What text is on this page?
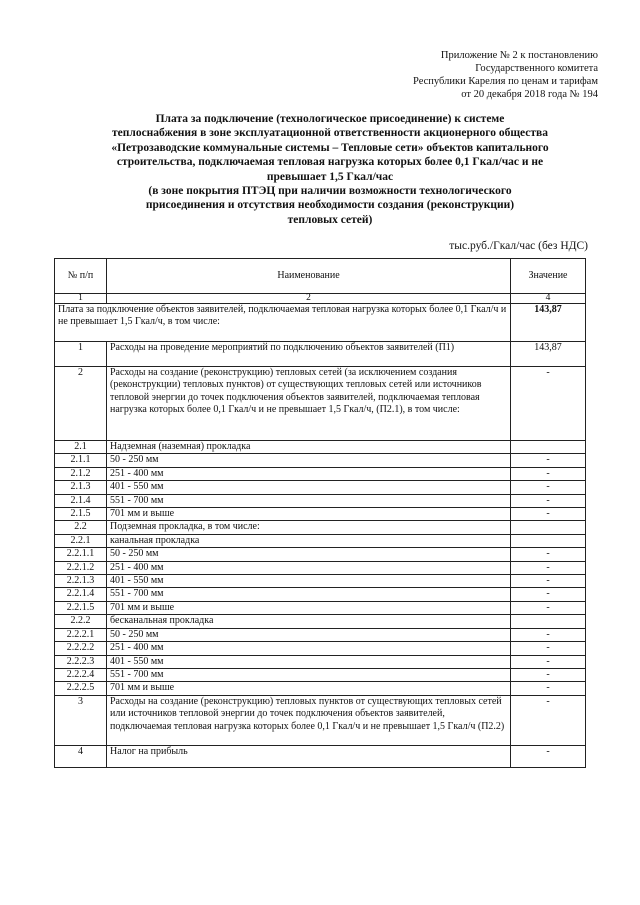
Приложение № 2 к постановлению
Государственного комитета
Республики Карелия по ценам и тарифам
от 20 декабря 2018 года № 194
Плата за подключение (технологическое присоединение) к системе
теплоснабжения в зоне эксплуатационной ответственности акционерного общества
«Петрозаводские коммунальные системы – Тепловые сети» объектов капитального
строительства, подключаемая тепловая нагрузка которых более 0,1 Гкал/час и не
превышает 1,5 Гкал/час
(в зоне покрытия ПТЭЦ при наличии возможности технологического
присоединения и отсутствия необходимости создания (реконструкции)
тепловых сетей)
тыс.руб./Гкал/час (без НДС)
№ п/п	Наименование	Значение
1	2	4
Плата за подключение объектов заявителей, подключаемая тепловая нагрузка которых более 0,1 Гкал/ч и не превышает 1,5 Гкал/ч, в том числе:		143,87
1	Расходы на проведение мероприятий по подключению объектов заявителей (П1)	143,87
2	Расходы на создание (реконструкцию) тепловых сетей (за исключением создания (реконструкции) тепловых пунктов) от существующих тепловых сетей или источников тепловой энергии до точек подключения объектов заявителей, подключаемая тепловая нагрузка которых более 0,1 Гкал/ч и не превышает 1,5 Гкал/ч, (П2.1), в том числе:	-
2.1	Надземная (наземная) прокладка	
2.1.1	50 - 250 мм	-
2.1.2	251 - 400 мм	-
2.1.3	401 - 550 мм	-
2.1.4	551 - 700 мм	-
2.1.5	701 мм и выше	-
2.2	Подземная прокладка, в том числе:	
2.2.1	канальная прокладка	
2.2.1.1	50 - 250 мм	-
2.2.1.2	251 - 400 мм	-
2.2.1.3	401 - 550 мм	-
2.2.1.4	551 - 700 мм	-
2.2.1.5	701 мм и выше	-
2.2.2	бесканальная прокладка	
2.2.2.1	50 - 250 мм	-
2.2.2.2	251 - 400 мм	-
2.2.2.3	401 - 550 мм	-
2.2.2.4	551 - 700 мм	-
2.2.2.5	701 мм и выше	-
3	Расходы на создание (реконструкцию) тепловых пунктов от существующих тепловых сетей или источников тепловой энергии до точек подключения объектов заявителей, подключаемая тепловая нагрузка которых более 0,1 Гкал/ч и не превышает 1,5 Гкал/ч (П2.2)	-
4	Налог на прибыль	-
